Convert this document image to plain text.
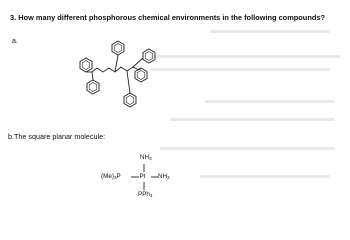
3. How many different phosphorous chemical environments in the following compounds?
a.
b.The square planar molecule:
$NH_3$
$(Me)_3P$	Pt $NH_3$
PPh$_3$
